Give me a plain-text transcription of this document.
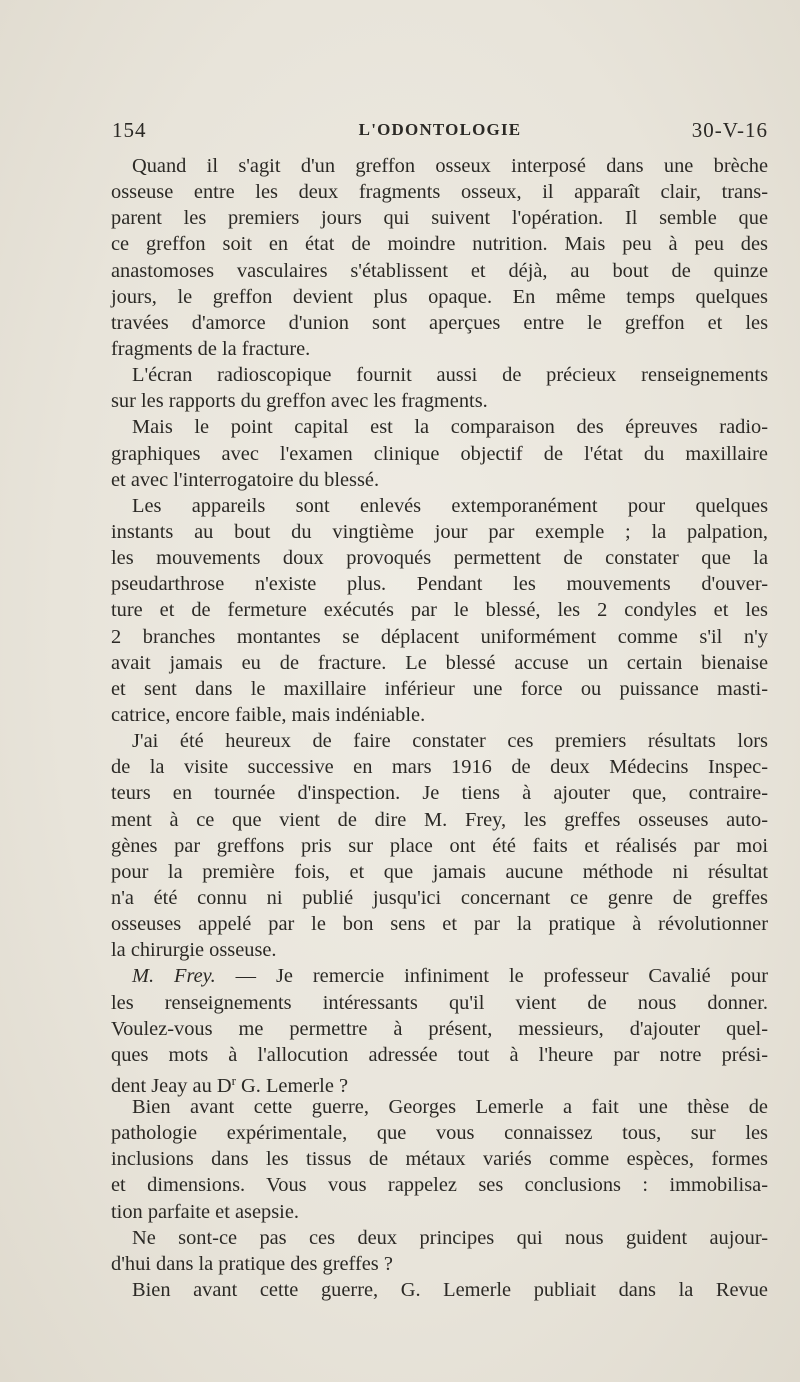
154	L'ODONTOLOGIE	30-V-16
Quand il s'agit d'un greffon osseux interposé dans une brèche
osseuse entre les deux fragments osseux, il apparaît clair, trans-
parent les premiers jours qui suivent l'opération. Il semble que
ce greffon soit en état de moindre nutrition. Mais peu à peu des
anastomoses vasculaires s'établissent et déjà, au bout de quinze
jours, le greffon devient plus opaque. En même temps quelques
travées d'amorce d'union sont aperçues entre le greffon et les
fragments de la fracture.
L'écran radioscopique fournit aussi de précieux renseignements
sur les rapports du greffon avec les fragments.
Mais le point capital est la comparaison des épreuves radio-
graphiques avec l'examen clinique objectif de l'état du maxillaire
et avec l'interrogatoire du blessé.
Les appareils sont enlevés extemporanément pour quelques
instants au bout du vingtième jour par exemple ; la palpation,
les mouvements doux provoqués permettent de constater que la
pseudarthrose n'existe plus. Pendant les mouvements d'ouver-
ture et de fermeture exécutés par le blessé, les 2 condyles et les
2 branches montantes se déplacent uniformément comme s'il n'y
avait jamais eu de fracture. Le blessé accuse un certain bienaise
et sent dans le maxillaire inférieur une force ou puissance masti-
catrice, encore faible, mais indéniable.
J'ai été heureux de faire constater ces premiers résultats lors
de la visite successive en mars 1916 de deux Médecins Inspec-
teurs en tournée d'inspection. Je tiens à ajouter que, contraire-
ment à ce que vient de dire M. Frey, les greffes osseuses auto-
gènes par greffons pris sur place ont été faits et réalisés par moi
pour la première fois, et que jamais aucune méthode ni résultat
n'a été connu ni publié jusqu'ici concernant ce genre de greffes
osseuses appelé par le bon sens et par la pratique à révolutionner
la chirurgie osseuse.
M. Frey. — Je remercie infiniment le professeur Cavalié pour
les renseignements intéressants qu'il vient de nous donner.
Voulez-vous me permettre à présent, messieurs, d'ajouter quel-
ques mots à l'allocution adressée tout à l'heure par notre prési-
dent Jeay au $D^r$ G. Lemerle ?
Bien avant cette guerre, Georges Lemerle a fait une thèse de
pathologie expérimentale, que vous connaissez tous, sur les
inclusions dans les tissus de métaux variés comme espèces, formes
et dimensions. Vous vous rappelez ses conclusions : immobilisa-
tion parfaite et asepsie.
Ne sont-ce pas ces deux principes qui nous guident aujour-
d'hui dans la pratique des greffes ?
Bien avant cette guerre, G. Lemerle publiait dans la Revue
